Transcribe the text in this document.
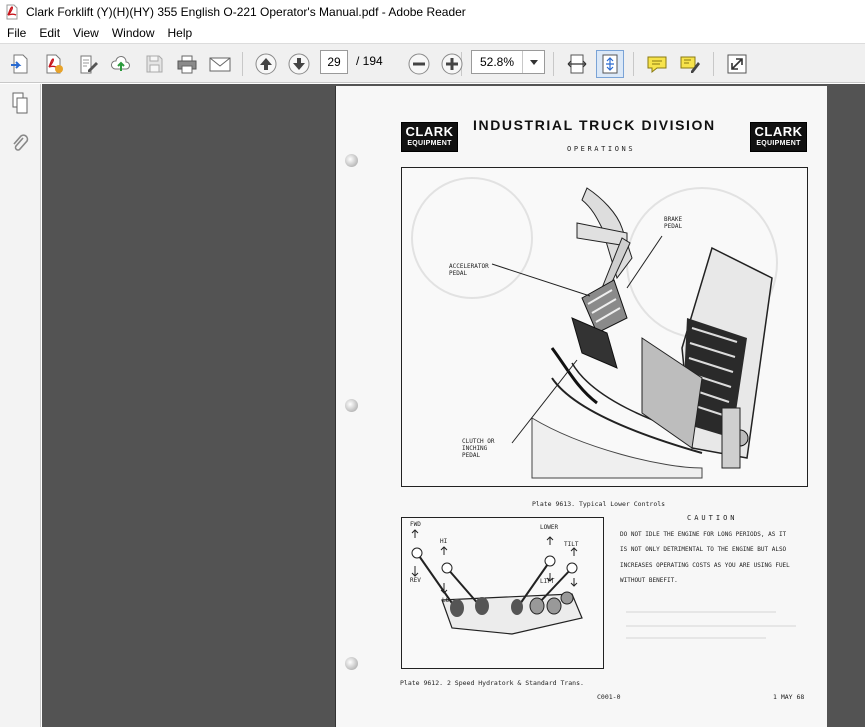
Clark Forklift (Y)(H)(HY) 355 English O-221 Operator's Manual.pdf - Adobe Reader
File	Edit	View	Window	Help
29	/ 194	52.8%
CLARK
EQUIPMENT
CLARK
EQUIPMENT
INDUSTRIAL TRUCK DIVISION
OPERATIONS
BRAKE
PEDAL
ACCELERATOR
PEDAL
CLUTCH OR
INCHING
PEDAL
Plate 9613. Typical Lower Controls
FWD
REV
HI
LO
LOWER
TILT
LIFT
Plate 9612. 2 Speed Hydratork & Standard Trans.
CAUTION
DO NOT IDLE THE ENGINE FOR LONG PERIODS, AS IT
IS NOT ONLY DETRIMENTAL TO THE ENGINE BUT ALSO
INCREASES OPERATING COSTS AS YOU ARE USING FUEL
WITHOUT BENEFIT.
C001-0	1 MAY 68
